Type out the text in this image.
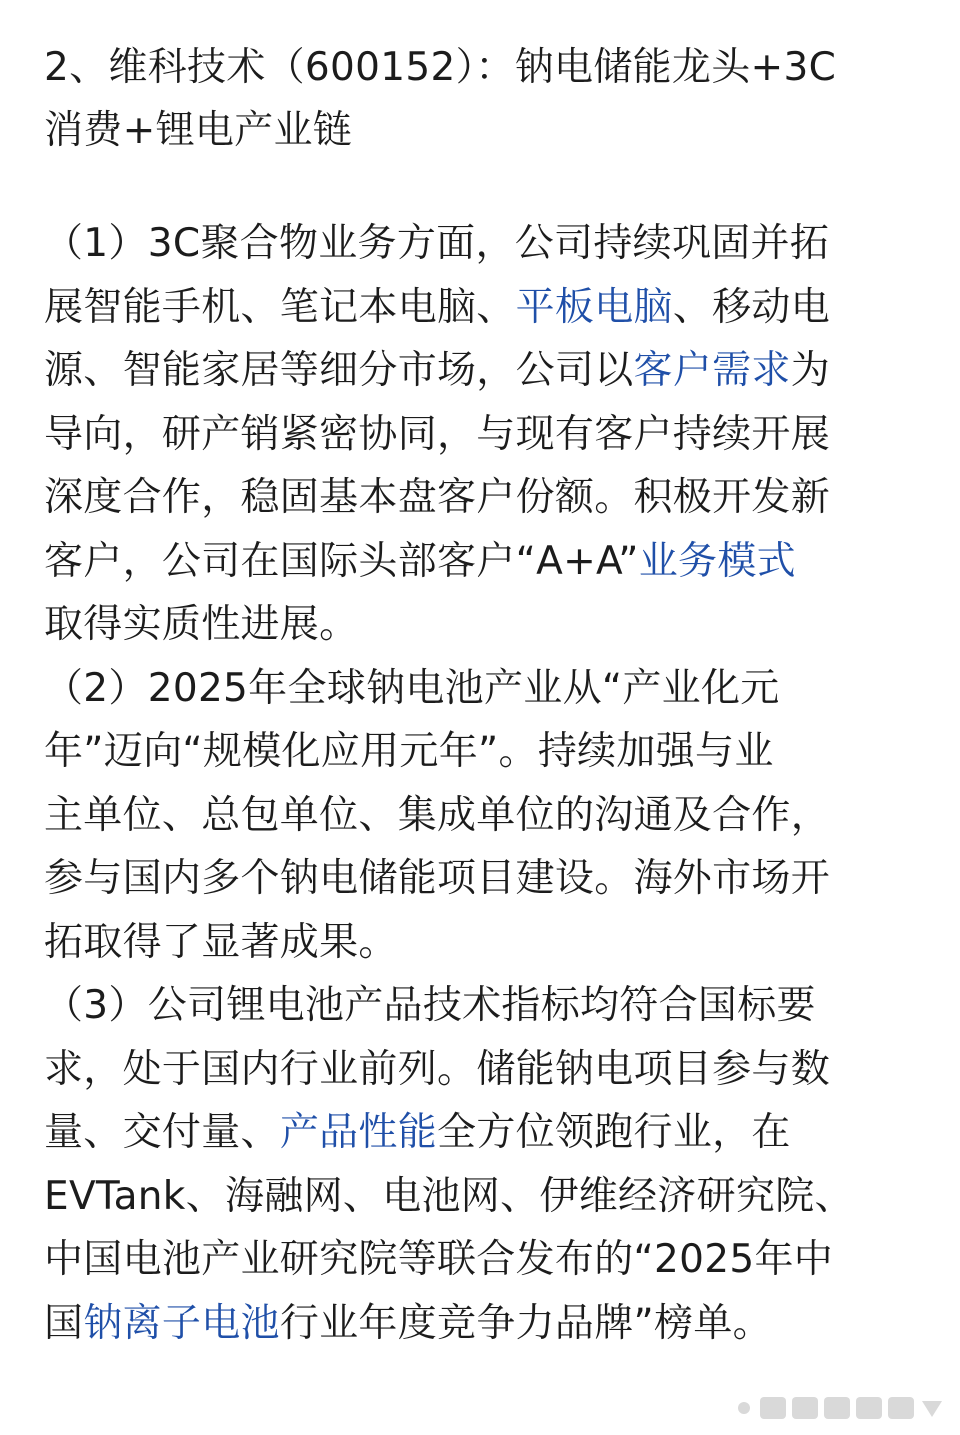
2、维科技术（600152）：钠电储能龙头+3C
消费+锂电产业链

（1）3C聚合物业务方面，公司持续巩固并拓
展智能手机、笔记本电脑、平板电脑、移动电
源、智能家居等细分市场，公司以客户需求为
导向，研产销紧密协同，与现有客户持续开展
深度合作，稳固基本盘客户份额。积极开发新
客户，公司在国际头部客户“A+A”业务模式
取得实质性进展。

（2）2025年全球钠电池产业从“产业化元
年”迈向“规模化应用元年”。持续加强与业
主单位、总包单位、集成单位的沟通及合作，
参与国内多个钠电储能项目建设。海外市场开
拓取得了显著成果。

（3）公司锂电池产品技术指标均符合国标要
求，处于国内行业前列。储能钠电项目参与数
量、交付量、产品性能全方位领跑行业，在
EVTank、海融网、电池网、伊维经济研究院、
中国电池产业研究院等联合发布的“2025年中
国钠离子电池行业年度竞争力品牌”榜单。
